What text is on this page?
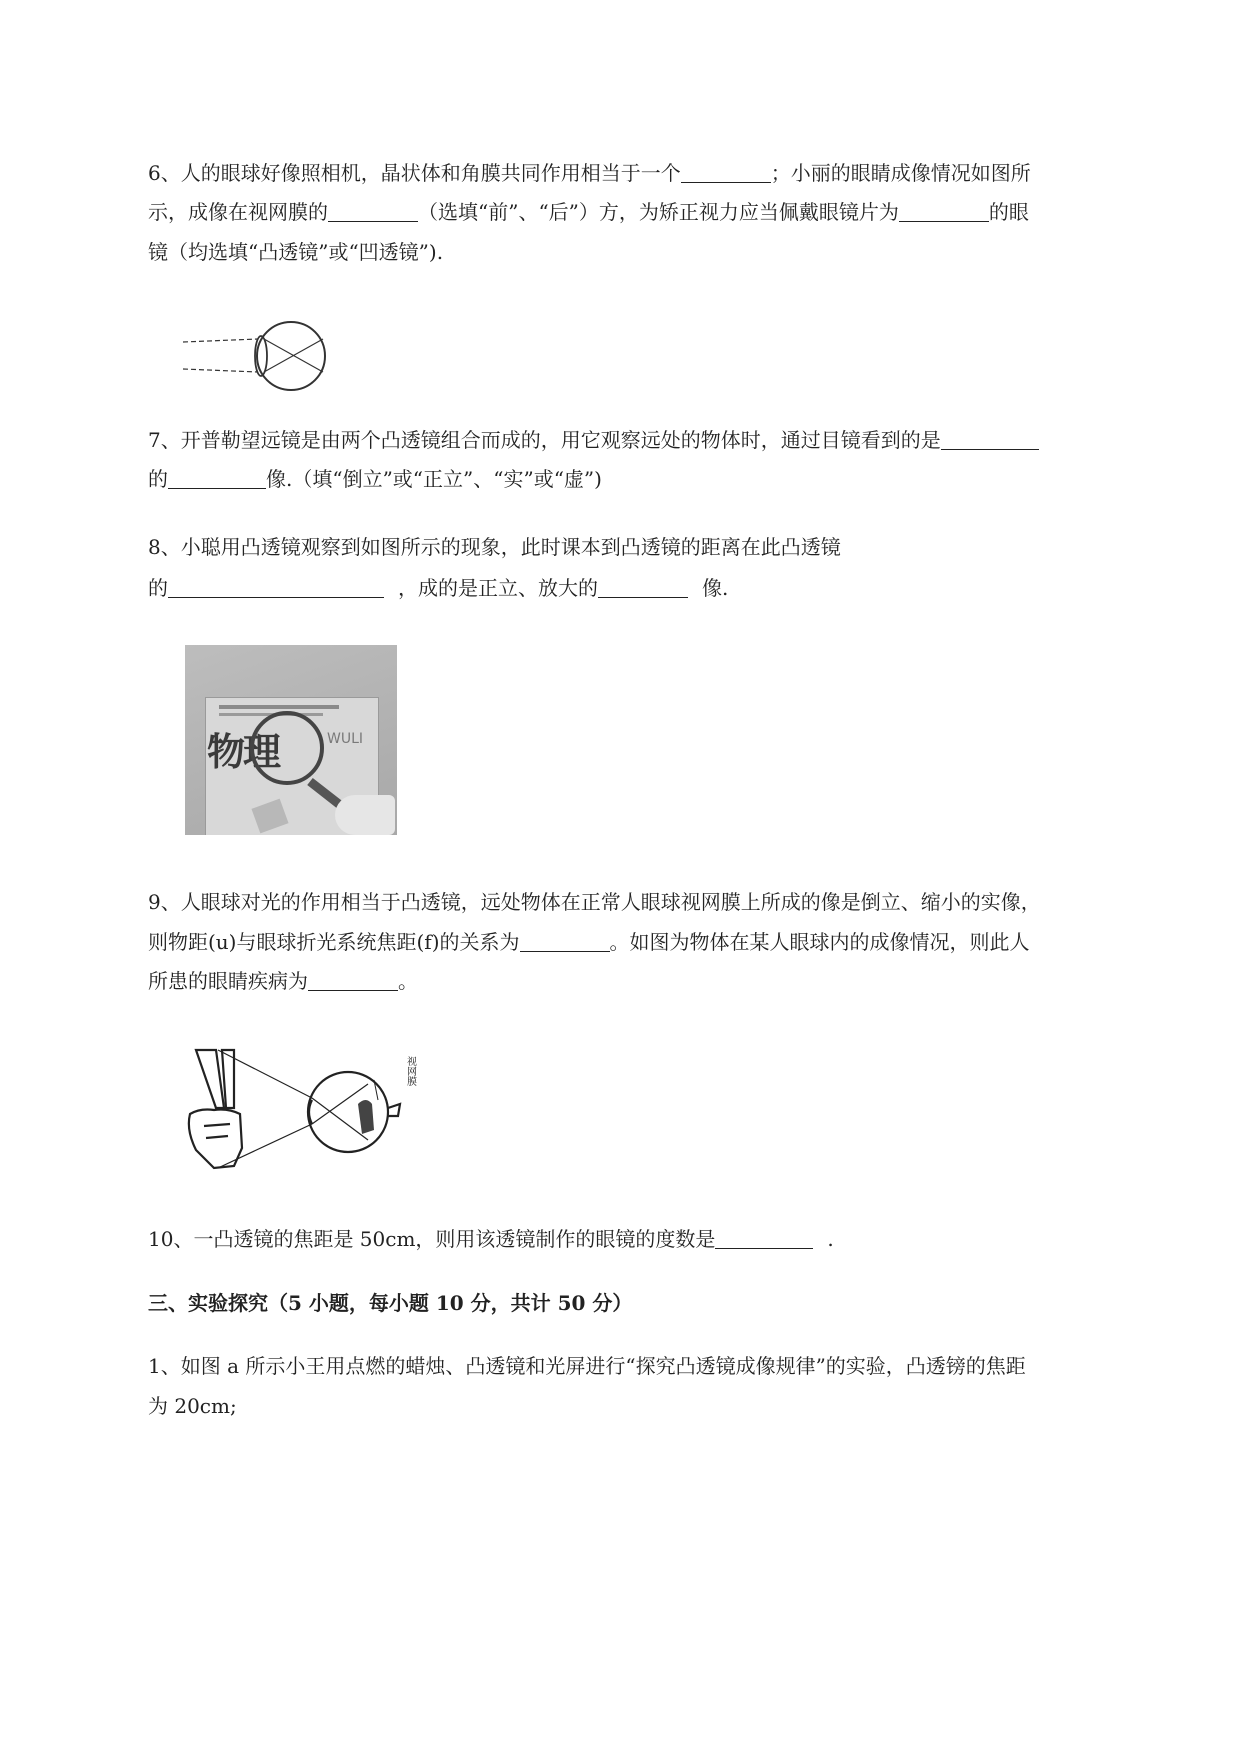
6、人的眼球好像照相机，晶状体和角膜共同作用相当于一个	；小丽的眼睛成像情况如图所
示，成像在视网膜的	（选填“前”、“后”）方，为矫正视力应当佩戴眼镜片为	的眼
镜（均选填“凸透镜”或“凹透镜”).
7、开普勒望远镜是由两个凸透镜组合而成的，用它观察远处的物体时，通过目镜看到的是
的	像.（填“倒立”或“正立”、“实”或“虚”)
8、小聪用凸透镜观察到如图所示的现象，此时课本到凸透镜的距离在此凸透镜
的	，成的是正立、放大的	像.
物理	WULI
9、人眼球对光的作用相当于凸透镜，远处物体在正常人眼球视网膜上所成的像是倒立、缩小的实像，
则物距(u)与眼球折光系统焦距(f)的关系为	。如图为物体在某人眼球内的成像情况，则此人
所患的眼睛疾病为	。
视网膜
10、一凸透镜的焦距是 50cm，则用该透镜制作的眼镜的度数是	.
三、实验探究（5 小题，每小题 10 分，共计 50 分）
1、如图 a 所示小王用点燃的蜡烛、凸透镜和光屏进行“探究凸透镜成像规律”的实验，凸透镑的焦距
为 20cm;
